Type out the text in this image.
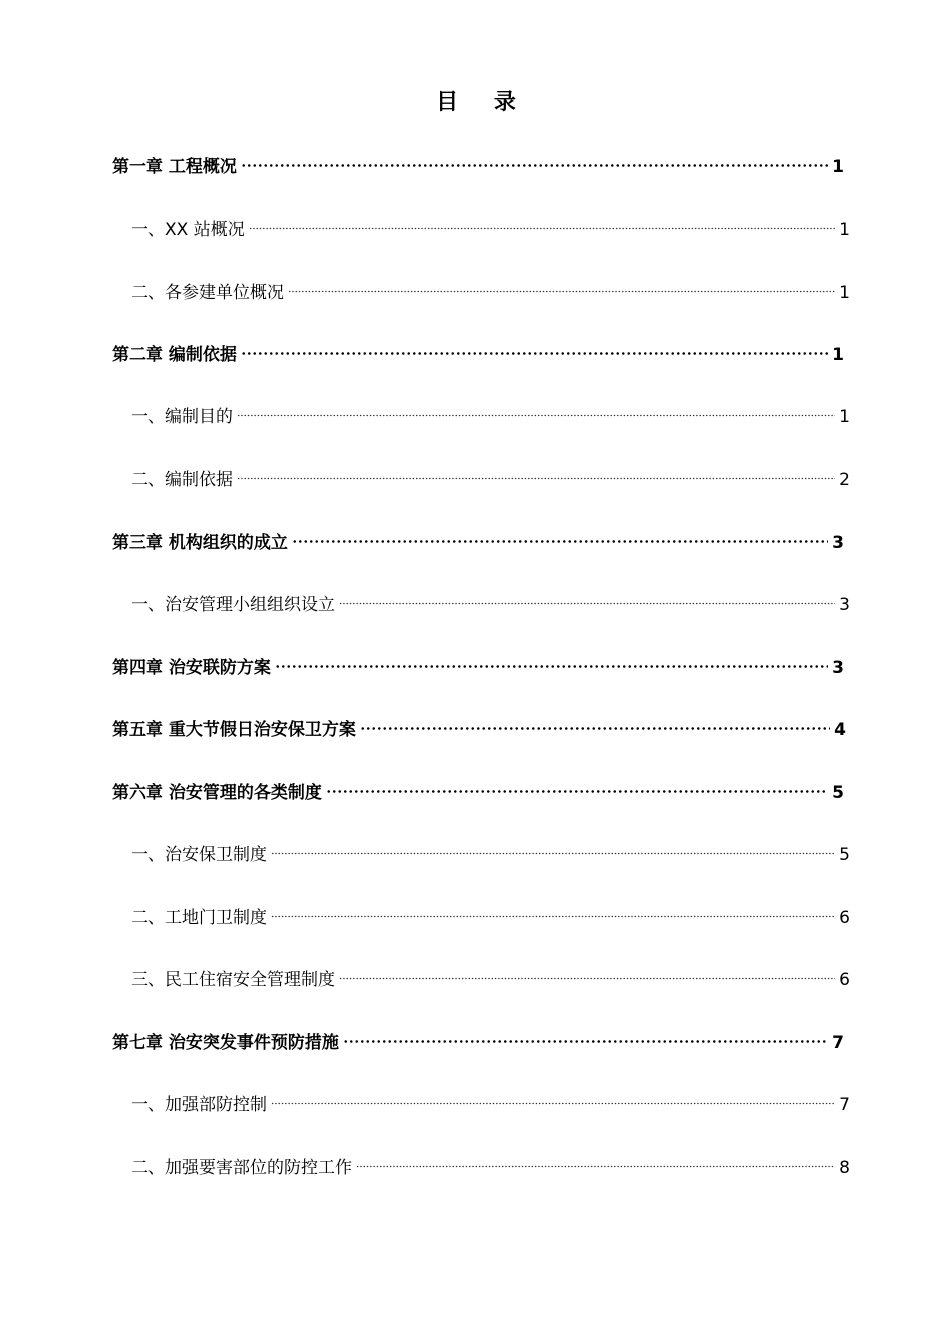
目 录
第一章 工程概况	1
一、XX 站概况	1
二、各参建单位概况	1
第二章 编制依据	1
一、编制目的	1
二、编制依据	2
第三章 机构组织的成立	3
一、治安管理小组组织设立	3
第四章 治安联防方案	3
第五章 重大节假日治安保卫方案	4
第六章 治安管理的各类制度	5
一、治安保卫制度	5
二、工地门卫制度	6
三、民工住宿安全管理制度	6
第七章 治安突发事件预防措施	7
一、加强部防控制	7
二、加强要害部位的防控工作	8
